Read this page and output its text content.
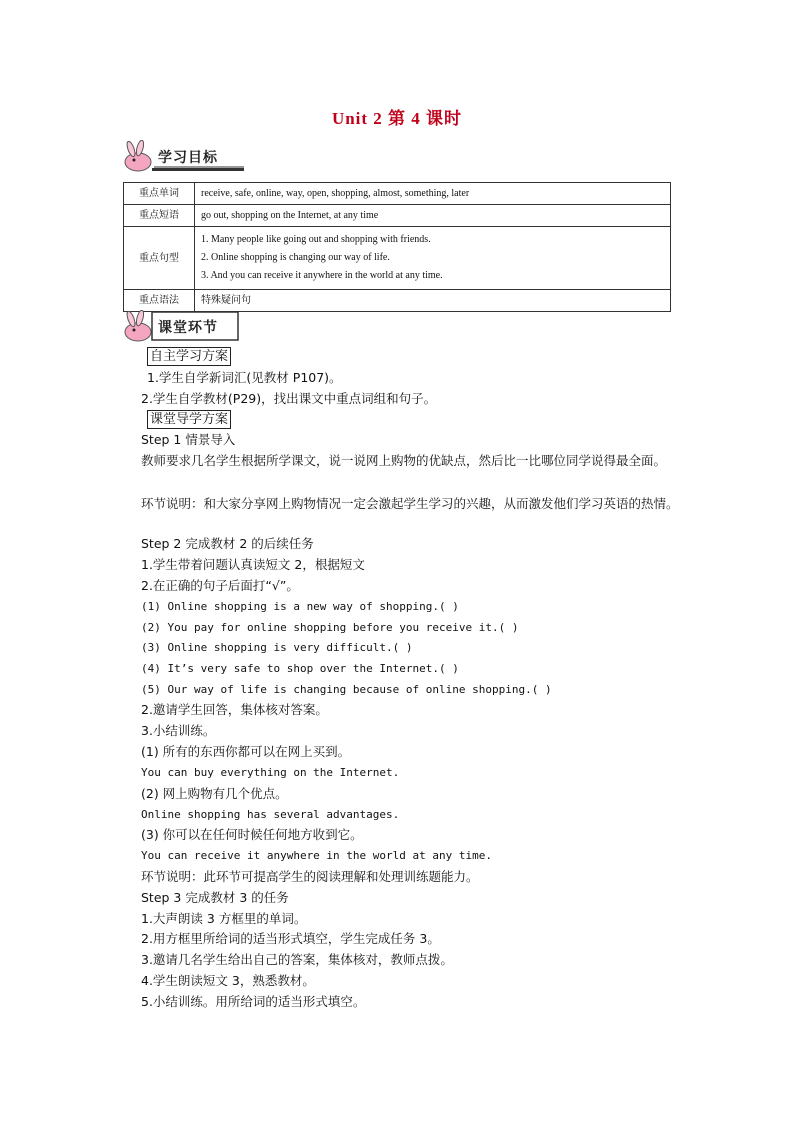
Unit 2 第 4 课时
学习目标
重点单词	receive, safe, online, way, open, shopping, almost, something, later
重点短语	go out, shopping on the Internet, at any time
重点句型	1. Many people like going out and shopping with friends.
2. Online shopping is changing our way of life.
3. And you can receive it anywhere in the world at any time.

重点语法	特殊疑问句
课堂环节
自主学习方案
1.学生自学新词汇(见教材 P107)。
2.学生自学教材(P29)，找出课文中重点词组和句子。
课堂导学方案
Step 1 情景导入
教师要求几名学生根据所学课文，说一说网上购物的优缺点，然后比一比哪位同学说得最全面。
环节说明：和大家分享网上购物情况一定会激起学生学习的兴趣，从而激发他们学习英语的热情。
Step 2 完成教材 2 的后续任务
1.学生带着问题认真读短文 2，根据短文
2.在正确的句子后面打“√”。
(1) Online shopping is a new way of shopping.( )
(2) You pay for online shopping before you receive it.( )
(3) Online shopping is very difficult.( )
(4) It’s very safe to shop over the Internet.( )
(5) Our way of life is changing because of online shopping.( )
2.邀请学生回答，集体核对答案。
3.小结训练。
(1) 所有的东西你都可以在网上买到。
You can buy everything on the Internet.
(2) 网上购物有几个优点。
Online shopping has several advantages.
(3) 你可以在任何时候任何地方收到它。
You can receive it anywhere in the world at any time.
环节说明：此环节可提高学生的阅读理解和处理训练题能力。
Step 3 完成教材 3 的任务
1.大声朗读 3 方框里的单词。
2.用方框里所给词的适当形式填空，学生完成任务 3。
3.邀请几名学生给出自己的答案，集体核对，教师点拨。
4.学生朗读短文 3，熟悉教材。
5.小结训练。用所给词的适当形式填空。
